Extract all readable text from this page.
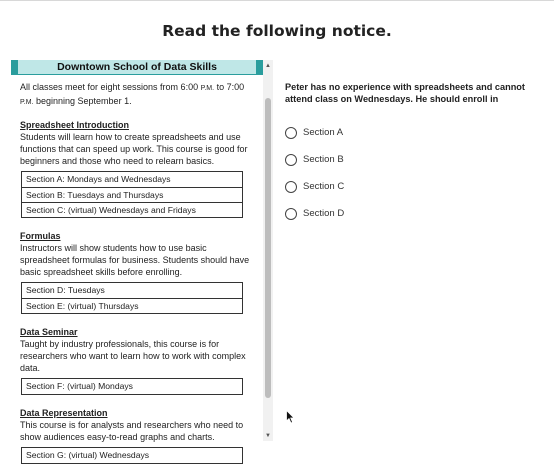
Read the following notice.
Downtown School of Data Skills
All classes meet for eight sessions from 6:00 P.M. to 7:00 P.M. beginning September 1.
Spreadsheet Introduction
Students will learn how to create spreadsheets and use functions that can speed up work. This course is good for beginners and those who need to relearn basics.
Section A: Mondays and Wednesdays
Section B: Tuesdays and Thursdays
Section C: (virtual) Wednesdays and Fridays
Formulas
Instructors will show students how to use basic spreadsheet formulas for business. Students should have basic spreadsheet skills before enrolling.
Section D: Tuesdays
Section E: (virtual) Thursdays
Data Seminar
Taught by industry professionals, this course is for researchers who want to learn how to work with complex data.
Section F: (virtual) Mondays
Data Representation
This course is for analysts and researchers who need to show audiences easy-to-read graphs and charts.
Section G: (virtual) Wednesdays
▲
▼
Peter has no experience with spreadsheets and cannot attend class on Wednesdays. He should enroll in
Section A
Section B
Section C
Section D
